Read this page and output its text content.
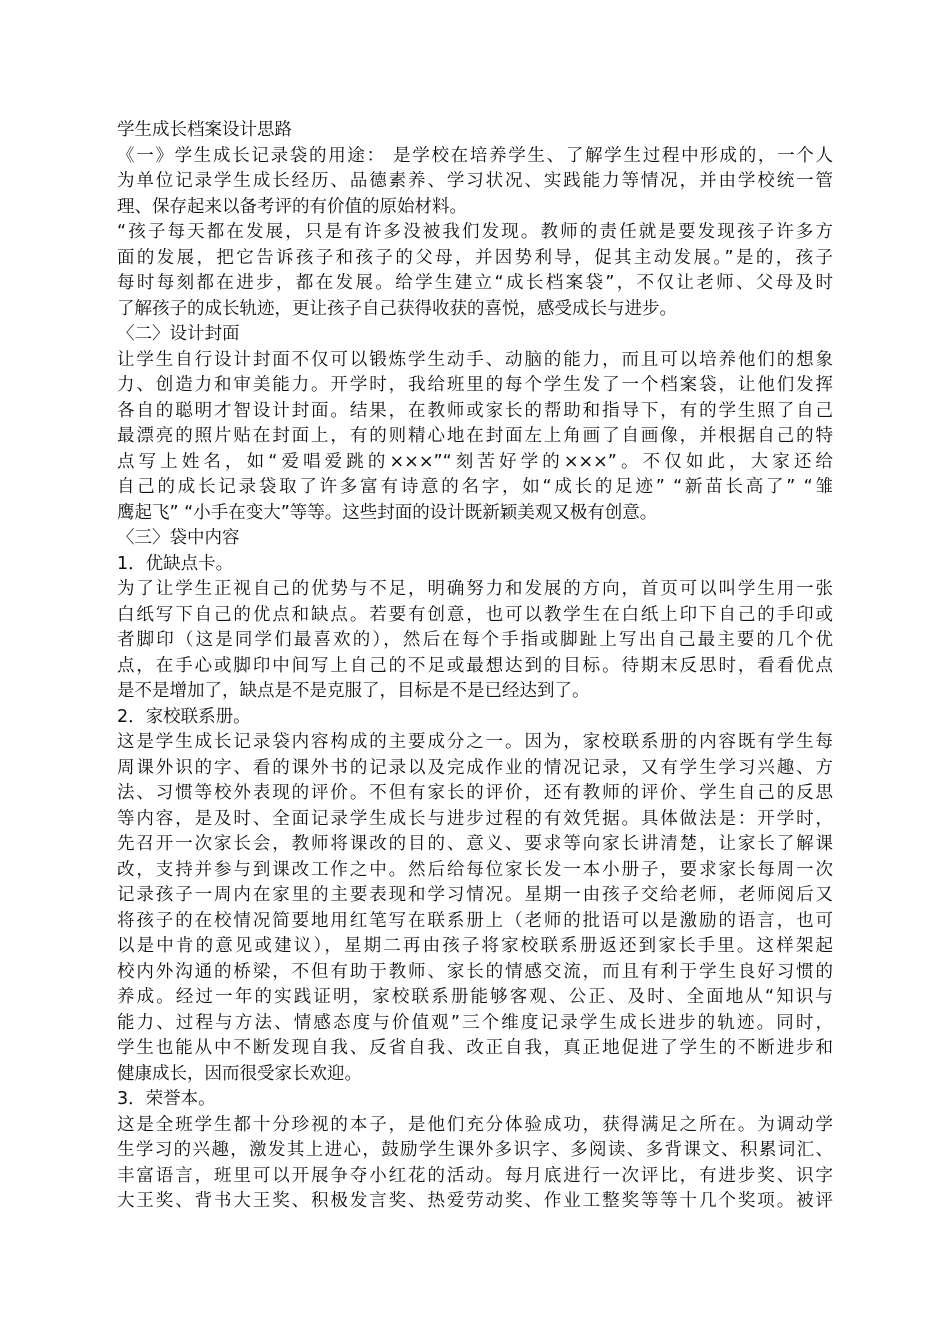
学生成长档案设计思路
《一》学生成长记录袋的用途： 是学校在培养学生、了解学生过程中形成的，一个人
为单位记录学生成长经历、品德素养、学习状况、实践能力等情况，并由学校统一管
理、保存起来以备考评的有价值的原始材料。
“孩子每天都在发展，只是有许多没被我们发现。教师的责任就是要发现孩子许多方
面的发展，把它告诉孩子和孩子的父母，并因势利导，促其主动发展。”是的，孩子
每时每刻都在进步，都在发展。给学生建立“成长档案袋”，不仅让老师、父母及时
了解孩子的成长轨迹，更让孩子自己获得收获的喜悦，感受成长与进步。
〈二〉设计封面
让学生自行设计封面不仅可以锻炼学生动手、动脑的能力，而且可以培养他们的想象
力、创造力和审美能力。开学时，我给班里的每个学生发了一个档案袋，让他们发挥
各自的聪明才智设计封面。结果，在教师或家长的帮助和指导下，有的学生照了自己
最漂亮的照片贴在封面上，有的则精心地在封面左上角画了自画像，并根据自己的特
点写上姓名，如“爱唱爱跳的×××”“刻苦好学的×××”。不仅如此，大家还给
自己的成长记录袋取了许多富有诗意的名字，如“成长的足迹” “新苗长高了” “雏
鹰起飞” “小手在变大”等等。这些封面的设计既新颖美观又极有创意。
〈三〉袋中内容
1．优缺点卡。
为了让学生正视自己的优势与不足，明确努力和发展的方向，首页可以叫学生用一张
白纸写下自己的优点和缺点。若要有创意，也可以教学生在白纸上印下自己的手印或
者脚印（这是同学们最喜欢的），然后在每个手指或脚趾上写出自己最主要的几个优
点，在手心或脚印中间写上自己的不足或最想达到的目标。待期末反思时，看看优点
是不是增加了，缺点是不是克服了，目标是不是已经达到了。
2．家校联系册。
这是学生成长记录袋内容构成的主要成分之一。因为，家校联系册的内容既有学生每
周课外识的字、看的课外书的记录以及完成作业的情况记录，又有学生学习兴趣、方
法、习惯等校外表现的评价。不但有家长的评价，还有教师的评价、学生自己的反思
等内容，是及时、全面记录学生成长与进步过程的有效凭据。具体做法是：开学时，
先召开一次家长会，教师将课改的目的、意义、要求等向家长讲清楚，让家长了解课
改，支持并参与到课改工作之中。然后给每位家长发一本小册子，要求家长每周一次
记录孩子一周内在家里的主要表现和学习情况。星期一由孩子交给老师，老师阅后又
将孩子的在校情况简要地用红笔写在联系册上（老师的批语可以是激励的语言，也可
以是中肯的意见或建议），星期二再由孩子将家校联系册返还到家长手里。这样架起
校内外沟通的桥梁，不但有助于教师、家长的情感交流，而且有利于学生良好习惯的
养成。经过一年的实践证明，家校联系册能够客观、公正、及时、全面地从“知识与
能力、过程与方法、情感态度与价值观”三个维度记录学生成长进步的轨迹。同时，
学生也能从中不断发现自我、反省自我、改正自我，真正地促进了学生的不断进步和
健康成长，因而很受家长欢迎。
3．荣誉本。
这是全班学生都十分珍视的本子，是他们充分体验成功，获得满足之所在。为调动学
生学习的兴趣，激发其上进心，鼓励学生课外多识字、多阅读、多背课文、积累词汇、
丰富语言，班里可以开展争夺小红花的活动。每月底进行一次评比，有进步奖、识字
大王奖、背书大王奖、积极发言奖、热爱劳动奖、作业工整奖等等十几个奖项。被评
